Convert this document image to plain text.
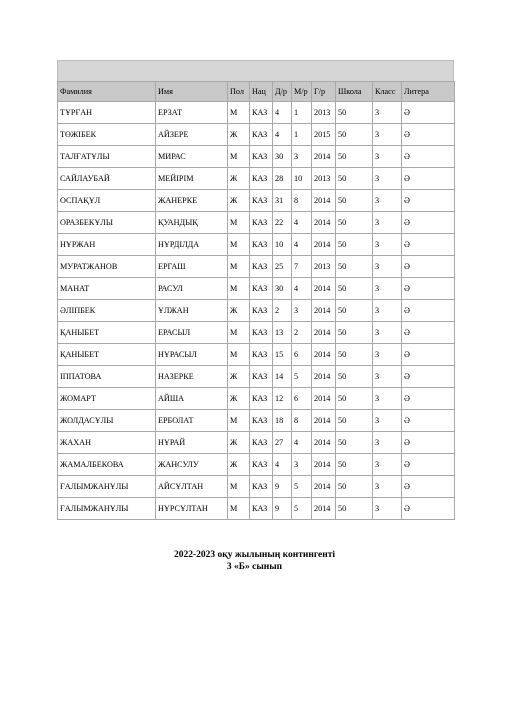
Фамилия	Имя	Пол	Нац	Д/р	М/р	Г/р	Школа	Класс	Литера
ТҰРҒАН	ЕРЗАТ	М	КАЗ	4	1	2013	50	3	Ә
ТӨЖІБЕК	АЙЗЕРЕ	Ж	КАЗ	4	1	2015	50	3	Ә
ТАЛҒАТҰЛЫ	МИРАС	М	КАЗ	30	3	2014	50	3	Ә
САЙЛАУБАЙ	МЕЙІРІМ	Ж	КАЗ	28	10	2013	50	3	Ә
ОСПАҚҰЛ	ЖАНЕРКЕ	Ж	КАЗ	31	8	2014	50	3	Ә
ОРАЗБЕКҰЛЫ	ҚУАНДЫҚ	М	КАЗ	22	4	2014	50	3	Ә
НҰРЖАН	НҰРДІЛДА	М	КАЗ	10	4	2014	50	3	Ә
МУРАТЖАНОВ	ЕРГАШ	М	КАЗ	25	7	2013	50	3	Ә
МАНАТ	РАСУЛ	М	КАЗ	30	4	2014	50	3	Ә
ӘЛІПБЕК	ҰЛЖАН	Ж	КАЗ	2	3	2014	50	3	Ә
ҚАНЫБЕТ	ЕРАСЫЛ	М	КАЗ	13	2	2014	50	3	Ә
ҚАНЫБЕТ	НҰРАСЫЛ	М	КАЗ	15	6	2014	50	3	Ә
ІППАТОВА	НАЗЕРКЕ	Ж	КАЗ	14	5	2014	50	3	Ә
ЖОМАРТ	АЙША	Ж	КАЗ	12	6	2014	50	3	Ә
ЖОЛДАСҰЛЫ	ЕРБОЛАТ	М	КАЗ	18	8	2014	50	3	Ә
ЖАХАН	НҰРАЙ	Ж	КАЗ	27	4	2014	50	3	Ә
ЖАМАЛБЕКОВА	ЖАНСУЛУ	Ж	КАЗ	4	3	2014	50	3	Ә
ҒАЛЫМЖАНҰЛЫ	АЙСҰЛТАН	М	КАЗ	9	5	2014	50	3	Ә
ҒАЛЫМЖАНҰЛЫ	НҰРСҰЛТАН	М	КАЗ	9	5	2014	50	3	Ә
2022-2023 оқу жылының контингенті
3 «Б» сынып
